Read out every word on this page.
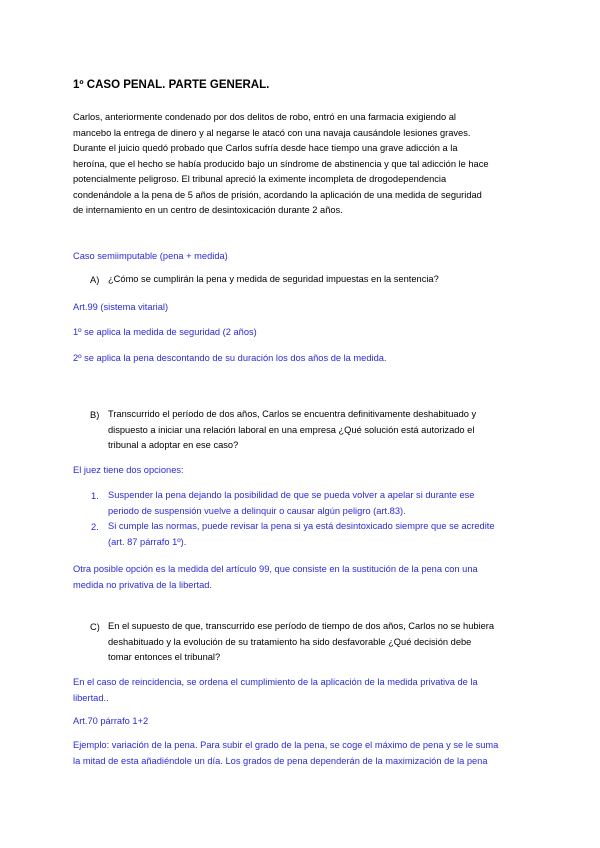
1º CASO PENAL. PARTE GENERAL.
Carlos, anteriormente condenado por dos delitos de robo, entró en una farmacia exigiendo al
mancebo la entrega de dinero y al negarse le atacó con una navaja causándole lesiones graves.
Durante el juicio quedó probado que Carlos sufría desde hace tiempo una grave adicción a la
heroína, que el hecho se había producido bajo un síndrome de abstinencia y que tal adicción le hace
potencialmente peligroso. El tribunal apreció la eximente incompleta de drogodependencia
condenándole a la pena de 5 años de prisión, acordando la aplicación de una medida de seguridad
de internamiento en un centro de desintoxicación durante 2 años.
Caso semiimputable (pena + medida)
A) ¿Cómo se cumplirán la pena y medida de seguridad impuestas en la sentencia?
Art.99 (sistema vitarial)
1º se aplica la medida de seguridad (2 años)
2º se aplica la pena descontando de su duración los dos años de la medida.
B) Transcurrido el período de dos años, Carlos se encuentra definitivamente deshabituado y
dispuesto a iniciar una relación laboral en una empresa ¿Qué solución está autorizado el
tribunal a adoptar en ese caso?
El juez tiene dos opciones:
1. Suspender la pena dejando la posibilidad de que se pueda volver a apelar si durante ese
periodo de suspensión vuelve a delinquir o causar algún peligro (art.83).
2. Si cumple las normas, puede revisar la pena si ya está desintoxicado siempre que se acredite
(art. 87 párrafo 1º).
Otra posible opción es la medida del artículo 99, que consiste en la sustitución de la pena con una
medida no privativa de la libertad.
C) En el supuesto de que, transcurrido ese período de tiempo de dos años, Carlos no se hubiera
deshabituado y la evolución de su tratamiento ha sido desfavorable ¿Qué decisión debe
tomar entonces el tribunal?
En el caso de reincidencia, se ordena el cumplimiento de la aplicación de la medida privativa de la
libertad..
Art.70 párrafo 1+2
Ejemplo: variación de la pena. Para subir el grado de la pena, se coge el máximo de pena y se le suma
la mitad de esta añadiéndole un día. Los grados de pena dependerán de la maximización de la pena
